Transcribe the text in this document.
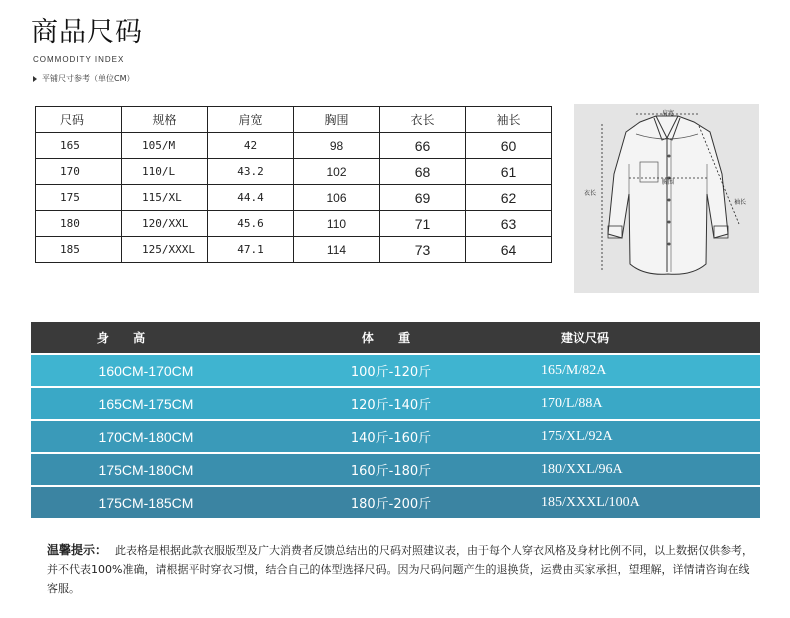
商品尺码
COMMODITY INDEX
平铺尺寸参考（单位CM）
尺码	规格	肩宽	胸围	衣长	袖长
165	105/M	42	98	66	60
170	110/L	43.2	102	68	61
175	115/XL	44.4	106	69	62
180	120/XXL	45.6	110	71	63
185	125/XXXL	47.1	114	73	64
肩宽
胸围
衣长
袖长
身 高	体 重	建议尺码
160CM-170CM	100斤-120斤	165/M/82A
165CM-175CM	120斤-140斤	170/L/88A
170CM-180CM	140斤-160斤	175/XL/92A
175CM-180CM	160斤-180斤	180/XXL/96A
175CM-185CM	180斤-200斤	185/XXXL/100A
温馨提示： 此表格是根据此款衣服版型及广大消费者反馈总结出的尺码对照建议表，由于每个人穿衣风格及身材比例不同，以上数据仅供参考，并不代表100%准确，请根据平时穿衣习惯，结合自己的体型选择尺码。因为尺码问题产生的退换货，运费由买家承担，望理解，详情请咨询在线客服。
